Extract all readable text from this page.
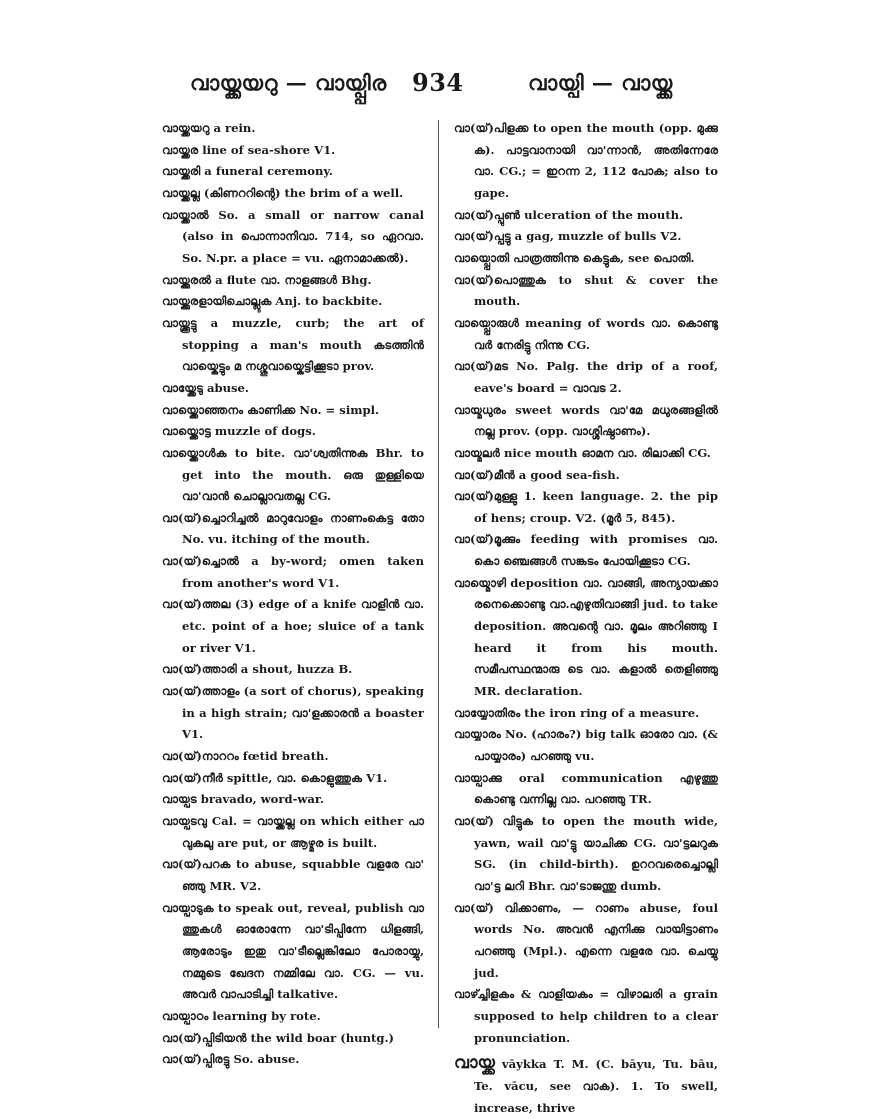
വായ്ക്കയറു — വായ്പ്പിര 934	വായ്പി — വായ്ക്ക

വായ്ക്കയറു a rein.

വായ്ക്കര line of sea-shore V1.

വായ്ക്കരി a funeral ceremony.

വായ്ക്കല്ല (കിണററിന്റെ) the brim of a well.

വായ്ക്കാൽ So. a small or narrow canal (also in പൊന്നാനിവാ. 714, so ഏറവാ. So. N.pr. a place = vu. ഏനാമാക്കൽ).

വായ്ക്കുരൽ a flute വാ. നാളങ്ങൾ Bhg.

വായ്ക്കുരളായിചൊല്ലുക Anj. to backbite.

വായ്ക്കൂട്ടു a muzzle, curb; the art of stopping a man's mouth കടത്തിൻ വായ്കെട്ടും മ നശ്ശുവായ്കെട്ടിക്കൂടാ prov.

വായ്ക്കേടു abuse.

വായ്ക്കൊഞ്ഞനം കാണിക്ക No. = simpl.

വായ്ക്കൊട്ട muzzle of dogs.

വായ്ക്കൊൾക to bite. വാ'ശ്വതിന്നുക Bhr. to get into the mouth. ഒരു തുള്ളിയെ വാ'വാൻ ചൊല്ലാവതല്ല CG.

വാ(യ്)ച്ചൊറിച്ചൽ മാറുവോളം നാണംകെട്ട തോ No. vu. itching of the mouth.

വാ(യ്)ച്ചൊൽ a by-word; omen taken from another's word V1.

വാ(യ്)ത്തല (3) edge of a knife വാളിൻ വാ. etc. point of a hoe; sluice of a tank or river V1.

വാ(യ്)ത്താരി a shout, huzza B.

വാ(യ്)ത്താളം (a sort of chorus), speaking in a high strain; വാ'ളക്കാരൻ a boaster V1.

വാ(യ്)നാററം fœtid breath.

വാ(യ്)നീർ spittle, വാ. കൊളുത്തുക V1.

വായ്പട bravado, word-war.

വായ്പടവു Cal. = വായ്ക്കല്ല on which either പാ വുകലു are put, or ആഴ്മര is built.

വാ(യ്)പറക to abuse, squabble വളരേ വാ' ഞ്ഞു MR. V2.

വായ്പാടുക to speak out, reveal, publish വാ ത്തുകൾ ഓരോന്നേ വാ'ടിപ്പിന്നേ ധിളങ്ങി, ആരോടും ഇതു വാ'ടീല്ലെങ്കിലോ പോരായ്യു, നമ്മുടെ ഖേദന നമ്മിലേ വാ. CG. — vu. അവർ വാപാടിച്ചി talkative.

വായ്പാഠം learning by rote.

വാ(യ്)പ്പിടിയൻ the wild boar (huntg.)

വാ(യ്)പ്പിരട്ടു So. abuse.

വാ(യ്)പിളക്ക to open the mouth (opp. മുക്കു ക). പാട്ടവാനായി വാ'ന്നാൻ, അതിന്നേരേ വാ. CG.; = ഇറന്ന 2, 112 പോക; also to gape.

വാ(യ്)പ്പുൺ ulceration of the mouth.

വാ(യ്)പ്പട്ടു a gag, muzzle of bulls V2.

വായ്പ്പൊതി പാത്രത്തിന്നു കെട്ടുക, see പൊതി.

വാ(യ്)പൊത്തുക to shut & cover the mouth.

വായ്പ്പൊരുൾ meaning of words വാ. കൊണ്ടു വർ നേരിട്ടു നിന്നു CG.

വാ(യ്)മട No. Palg. the drip of a roof, eave's board = വാവട 2.

വായ്മധുരം sweet words വാ'മേ മധുരങ്ങളിൽ നല്ല prov. (opp. വാശ്ശിഷ്ഠാണം).

വായ്മലർ nice mouth ഓമന വാ. രിലാക്കി CG.

വാ(യ്)മീൻ a good sea-fish.

വാ(യ്)മുള്ളു 1. keen language. 2. the pip of hens; croup. V2. (മൂർ 5, 845).

വാ(യ്)മൂക്കും feeding with promises വാ. കൊ ഞ്ചെങ്ങൾ സങ്കടം പോയിക്കൂടാ CG.

വായ്മൊഴി deposition വാ. വാങ്ങി, അന്യായക്കാ രനെക്കൊണ്ടു വാ.എഴുതിവാങ്ങി jud. to take deposition. അവന്റെ വാ. മൂലം അറിഞ്ഞു I heard it from his mouth. സമീപസ്ഥന്മാരു ടെ വാ. കളാൽ തെളിഞ്ഞു MR. declaration.

വായ്യോതിരം the iron ring of a measure.

വായ്യാരം No. (ഹാരം?) big talk ഓരോ വാ. (& പായ്യാരം) പറഞ്ഞു vu.

വായ്പാക്കു oral communication എഴുത്തു കൊണ്ടു വന്നില്ല വാ. പറഞ്ഞു TR.

വാ(യ്) വിട്ടുക to open the mouth wide, yawn, wail വാ'ട്ടു യാചിക്ക CG. വാ'ട്ടലറുക SG. (in child-birth). ഉററവരെച്ചൊല്ലി വാ'ട്ട ലറി Bhr. വാ'ടാജന്തു dumb.

വാ(യ്) വിക്കാണം, — റാണം abuse, foul words No. അവൻ എനിക്കു വായിട്ടാണം പറഞ്ഞു (Mpl.). എന്നെ വളരേ വാ. ചെയ്യു jud.

വാഴ്ച്ചിളകം & വാളിയകം = വിഴാലരി a grain supposed to help children to a clear pronunciation.

വായ്ക്ക vāykka T. M. (C. bāyu, Tu. bāu, Te. vācu, see വാക). 1. To swell, increase, thrive
